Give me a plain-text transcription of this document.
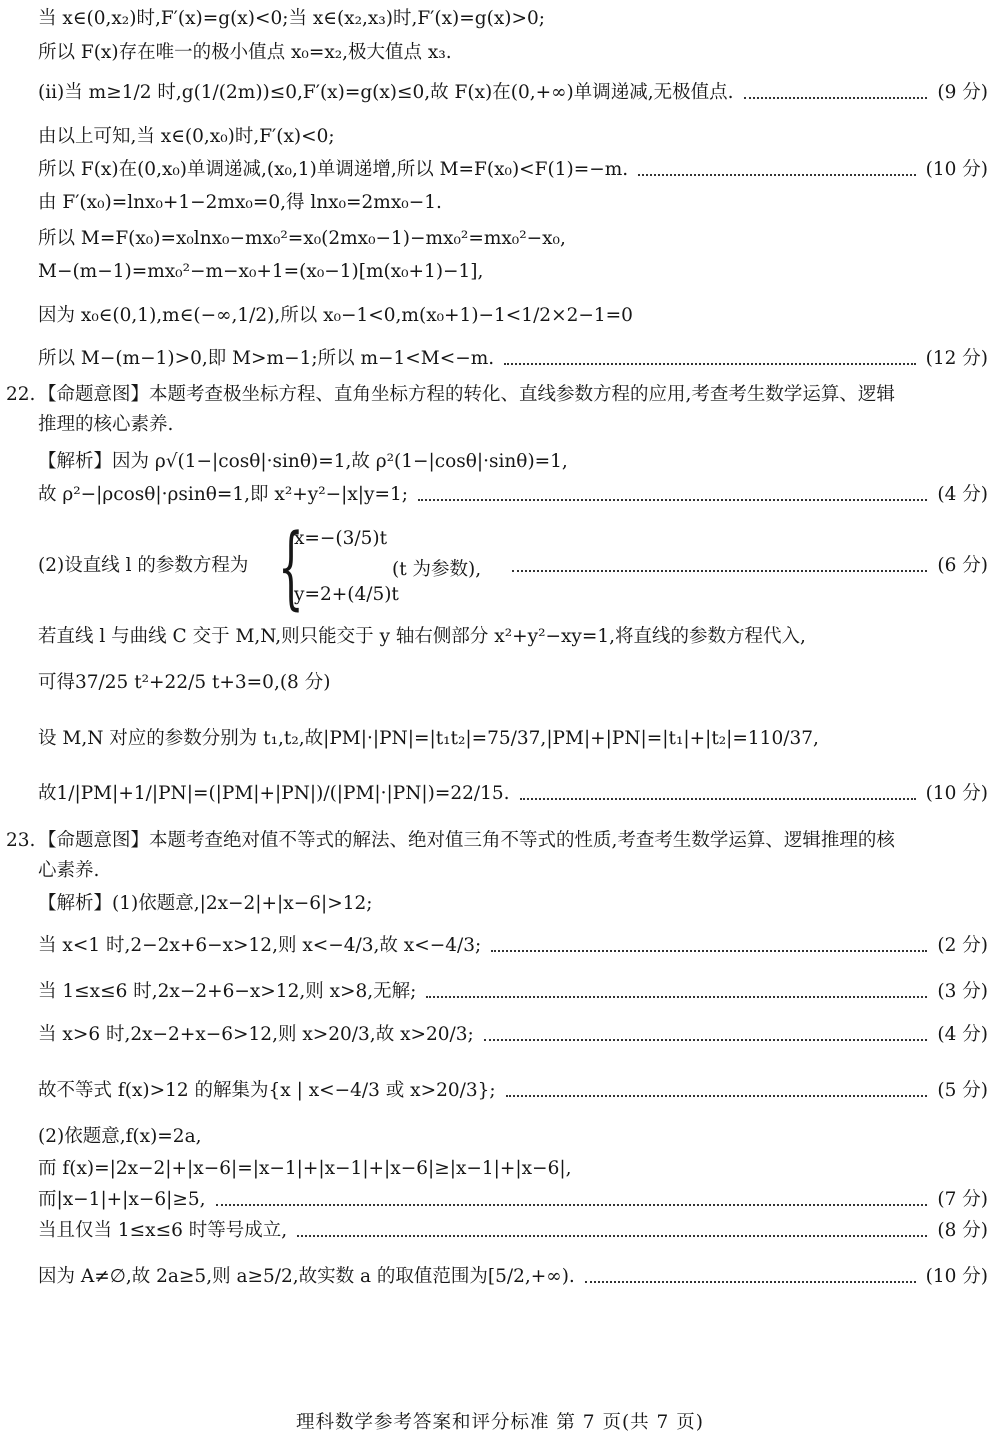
当 x∈(0,x₂)时,F′(x)=g(x)<0;当 x∈(x₂,x₃)时,F′(x)=g(x)>0;
所以 F(x)存在唯一的极小值点 x₀=x₂,极大值点 x₃.
(ii)当 m≥1/2 时,g(1/(2m))≤0,F′(x)=g(x)≤0,故 F(x)在(0,+∞)单调递减,无极值点.	(9 分)
由以上可知,当 x∈(0,x₀)时,F′(x)<0;
所以 F(x)在(0,x₀)单调递减,(x₀,1)单调递增,所以 M=F(x₀)<F(1)=−m.	(10 分)
由 F′(x₀)=lnx₀+1−2mx₀=0,得 lnx₀=2mx₀−1.
所以 M=F(x₀)=x₀lnx₀−mx₀²=x₀(2mx₀−1)−mx₀²=mx₀²−x₀,
M−(m−1)=mx₀²−m−x₀+1=(x₀−1)[m(x₀+1)−1],
因为 x₀∈(0,1),m∈(−∞,1/2),所以 x₀−1<0,m(x₀+1)−1<1/2×2−1=0
所以 M−(m−1)>0,即 M>m−1;所以 m−1<M<−m.	(12 分)
22. 【命题意图】本题考查极坐标方程、直角坐标方程的转化、直线参数方程的应用,考查考生数学运算、逻辑
推理的核心素养.
【解析】因为 ρ√(1−|cosθ|·sinθ)=1,故 ρ²(1−|cosθ|·sinθ)=1,
故 ρ²−|ρcosθ|·ρsinθ=1,即 x²+y²−|x|y=1;	(4 分)
(2)设直线 l 的参数方程为	(6 分)
{
x=−(3/5)t
y=2+(4/5)t
(t 为参数),
若直线 l 与曲线 C 交于 M,N,则只能交于 y 轴右侧部分 x²+y²−xy=1,将直线的参数方程代入,
可得37/25 t²+22/5 t+3=0,(8 分)
设 M,N 对应的参数分别为 t₁,t₂,故|PM|·|PN|=|t₁t₂|=75/37,|PM|+|PN|=|t₁|+|t₂|=110/37,
故1/|PM|+1/|PN|=(|PM|+|PN|)/(|PM|·|PN|)=22/15.	(10 分)
23. 【命题意图】本题考查绝对值不等式的解法、绝对值三角不等式的性质,考查考生数学运算、逻辑推理的核
心素养.
【解析】(1)依题意,|2x−2|+|x−6|>12;
当 x<1 时,2−2x+6−x>12,则 x<−4/3,故 x<−4/3;	(2 分)
当 1≤x≤6 时,2x−2+6−x>12,则 x>8,无解;	(3 分)
当 x>6 时,2x−2+x−6>12,则 x>20/3,故 x>20/3;	(4 分)
故不等式 f(x)>12 的解集为{x | x<−4/3 或 x>20/3};	(5 分)
(2)依题意,f(x)=2a,
而 f(x)=|2x−2|+|x−6|=|x−1|+|x−1|+|x−6|≥|x−1|+|x−6|,
而|x−1|+|x−6|≥5,	(7 分)
当且仅当 1≤x≤6 时等号成立,	(8 分)
因为 A≠∅,故 2a≥5,则 a≥5/2,故实数 a 的取值范围为[5/2,+∞).	(10 分)
理科数学参考答案和评分标准 第 7 页(共 7 页)
